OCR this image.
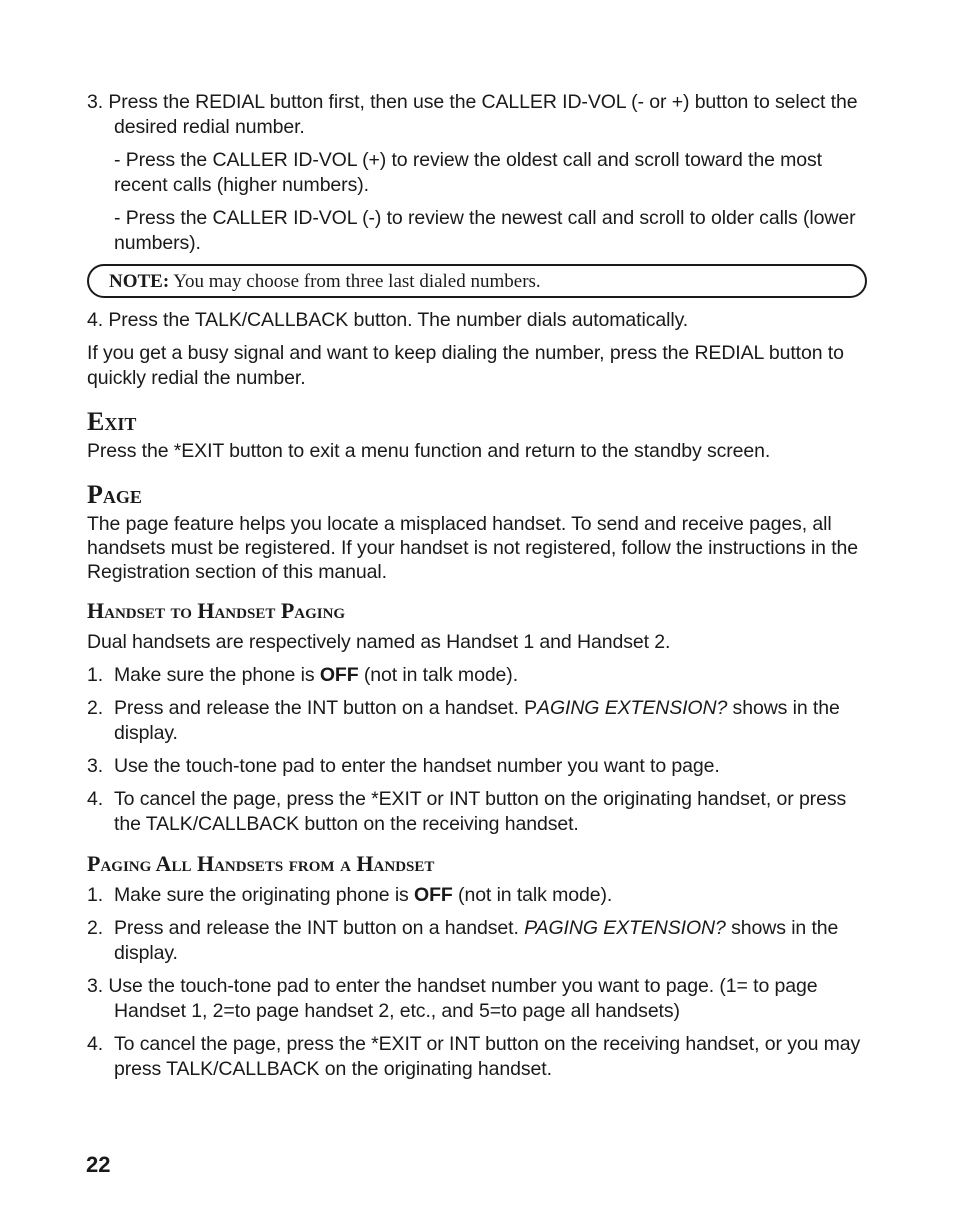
3. Press the REDIAL button first, then use the CALLER ID-VOL (- or +) button to select the desired redial number.

- Press the CALLER ID-VOL (+) to review the oldest call and scroll toward the most recent calls (higher numbers).

- Press the CALLER ID-VOL (-) to review the newest call and scroll to older calls (lower numbers).

NOTE: You may choose from three last dialed numbers.

4. Press the TALK/CALLBACK button. The number dials automatically.

If you get a busy signal and want to keep dialing the number, press the REDIAL button to quickly redial the number.

Exit

Press the *EXIT button to exit a menu function and return to the standby screen.

Page

The page feature helps you locate a misplaced handset. To send and receive pages, all handsets must be registered. If your handset is not registered, follow the instructions in the Registration section of this manual.

Handset to Handset Paging

Dual handsets are respectively named as Handset 1 and Handset 2.

1. Make sure the phone is OFF (not in talk mode).

2. Press and release the INT button on a handset. PAGING EXTENSION? shows in the display.

3. Use the touch-tone pad to enter the handset number you want to page.

4. To cancel the page, press the *EXIT or INT button on the originating handset, or press the TALK/CALLBACK button on the receiving handset.

Paging All Handsets from a Handset

1. Make sure the originating phone is OFF (not in talk mode).

2. Press and release the INT button on a handset. PAGING EXTENSION? shows in the display.

3. Use the touch-tone pad to enter the handset number you want to page. (1= to page Handset 1, 2=to page handset 2, etc., and 5=to page all handsets)

4. To cancel the page, press the *EXIT or INT button on the receiving handset, or you may press TALK/CALLBACK on the originating handset.

22
